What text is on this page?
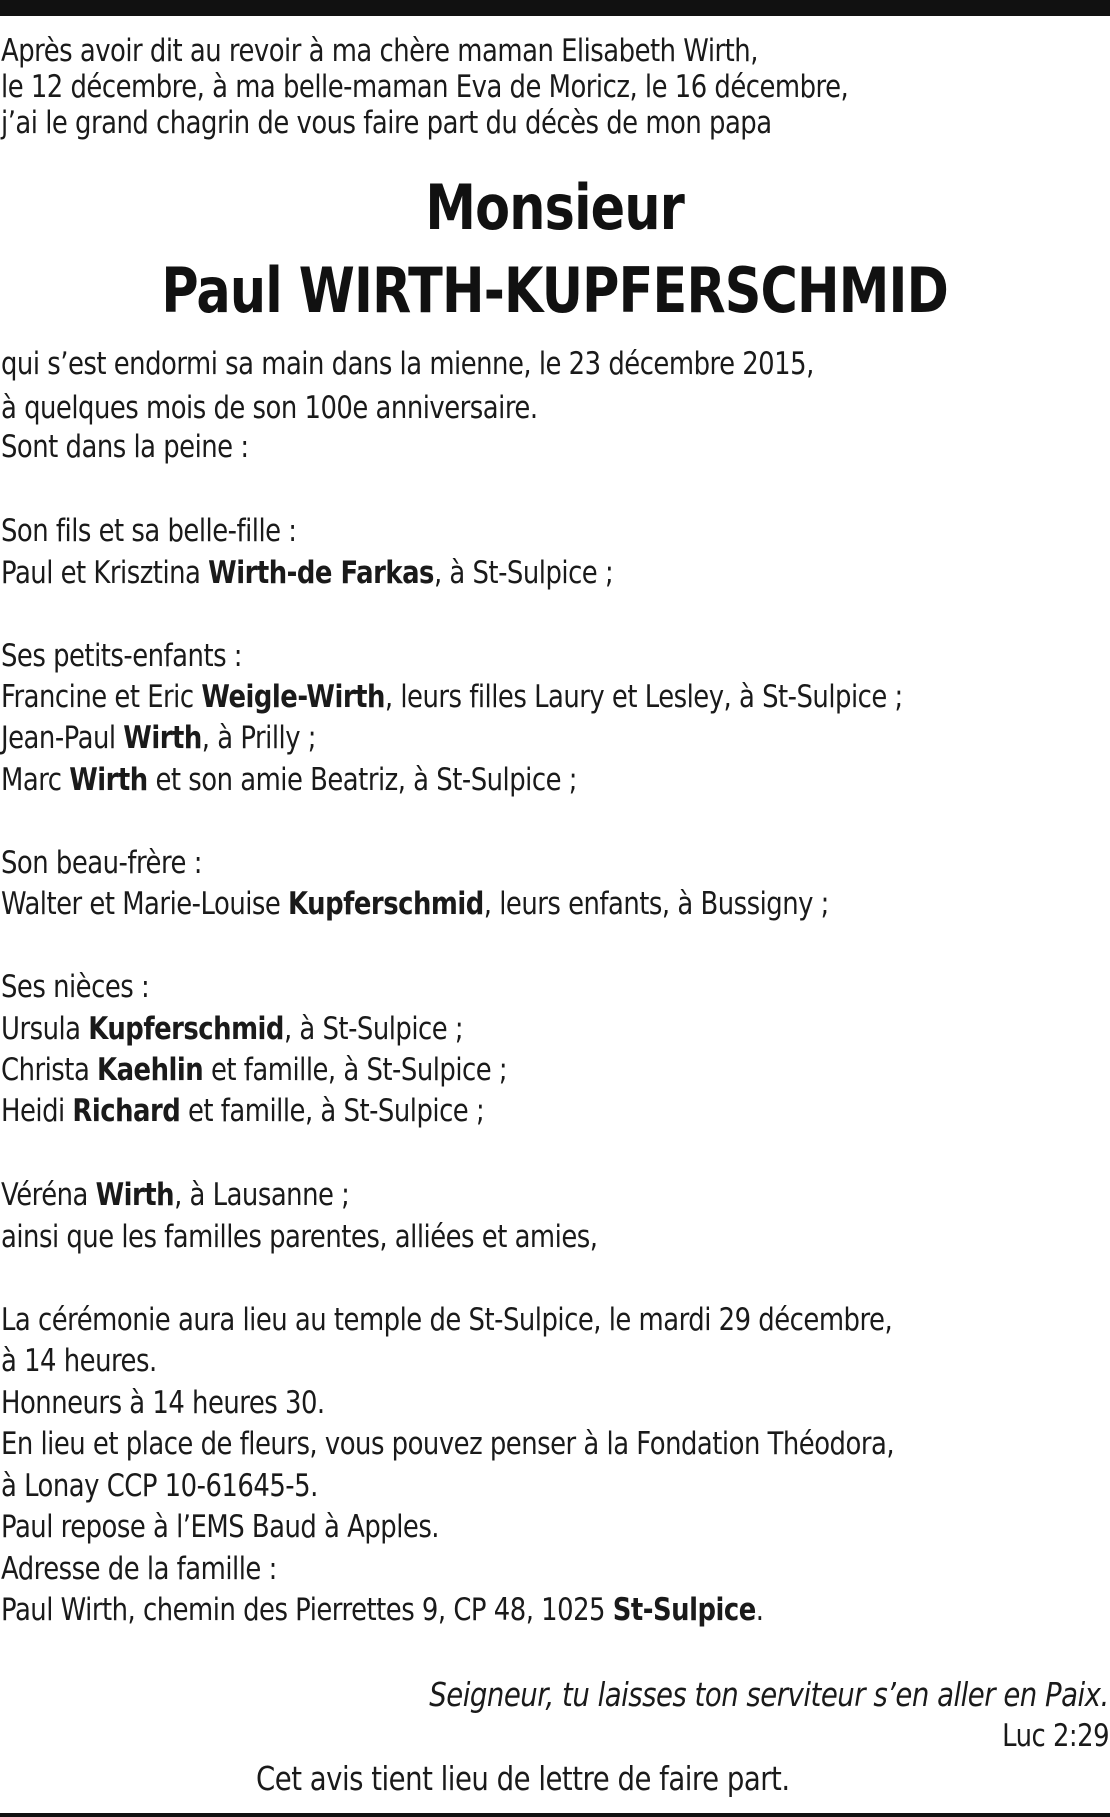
Après avoir dit au revoir à ma chère maman Elisabeth Wirth,

le 12 décembre, à ma belle-maman Eva de Moricz, le 16 décembre,

j’ai le grand chagrin de vous faire part du décès de mon papa

Monsieur

Paul WIRTH-KUPFERSCHMID

qui s’est endormi sa main dans la mienne, le 23 décembre 2015,

à quelques mois de son 100e anniversaire.

Sont dans la peine :

Son fils et sa belle-fille :

Paul et Krisztina Wirth-de Farkas, à St-Sulpice ;

Ses petits-enfants :

Francine et Eric Weigle-Wirth, leurs filles Laury et Lesley, à St-Sulpice ;

Jean-Paul Wirth, à Prilly ;

Marc Wirth et son amie Beatriz, à St-Sulpice ;

Son beau-frère :

Walter et Marie-Louise Kupferschmid, leurs enfants, à Bussigny ;

Ses nièces :

Ursula Kupferschmid, à St-Sulpice ;

Christa Kaehlin et famille, à St-Sulpice ;

Heidi Richard et famille, à St-Sulpice ;

Véréna Wirth, à Lausanne ;

ainsi que les familles parentes, alliées et amies,

La cérémonie aura lieu au temple de St-Sulpice, le mardi 29 décembre,

à 14 heures.

Honneurs à 14 heures 30.

En lieu et place de fleurs, vous pouvez penser à la Fondation Théodora,

à Lonay CCP 10-61645-5.

Paul repose à l’EMS Baud à Apples.

Adresse de la famille :

Paul Wirth, chemin des Pierrettes 9, CP 48, 1025 St-Sulpice.

Seigneur, tu laisses ton serviteur s’en aller en Paix.

Luc 2:29

Cet avis tient lieu de lettre de faire part.
